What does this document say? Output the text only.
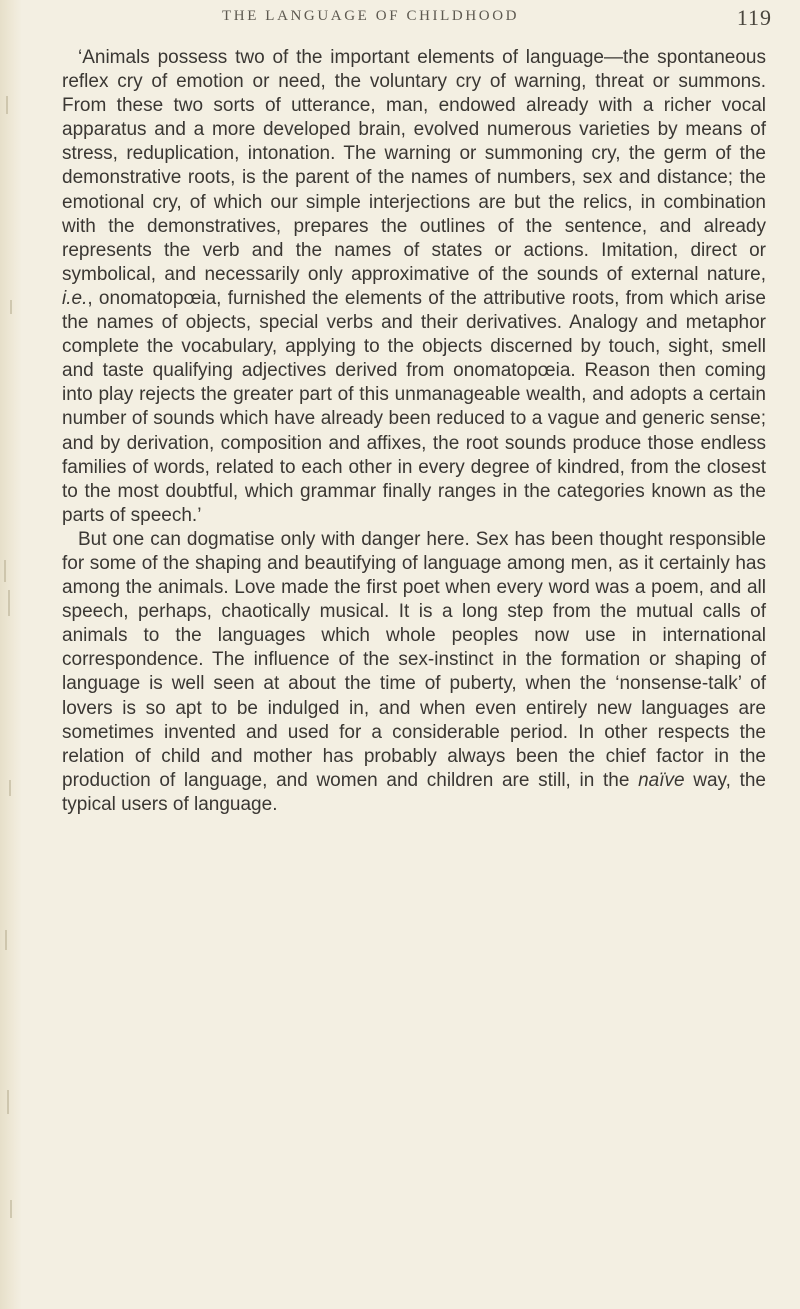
THE LANGUAGE OF CHILDHOOD	119

‘Animals possess two of the important elements of language—the spontaneous reflex cry of emotion or need, the voluntary cry of warning, threat or summons. From these two sorts of utterance, man, endowed already with a richer vocal apparatus and a more developed brain, evolved numerous varieties by means of stress, reduplication, intonation. The warning or summoning cry, the germ of the demonstrative roots, is the parent of the names of numbers, sex and distance; the emotional cry, of which our simple interjections are but the relics, in combination with the demonstratives, prepares the outlines of the sentence, and already represents the verb and the names of states or actions. Imitation, direct or symbolical, and necessarily only approximative of the sounds of external nature, i.e., onomatopœia, furnished the elements of the attributive roots, from which arise the names of objects, special verbs and their derivatives. Analogy and metaphor complete the vocabulary, applying to the objects discerned by touch, sight, smell and taste qualifying adjectives derived from onomatopœia. Reason then coming into play rejects the greater part of this unmanageable wealth, and adopts a certain number of sounds which have already been reduced to a vague and generic sense; and by derivation, composition and affixes, the root sounds produce those endless families of words, related to each other in every degree of kindred, from the closest to the most doubtful, which grammar finally ranges in the categories known as the parts of speech.’

But one can dogmatise only with danger here. Sex has been thought responsible for some of the shaping and beautifying of language among men, as it certainly has among the animals. Love made the first poet when every word was a poem, and all speech, perhaps, chaotically musical. It is a long step from the mutual calls of animals to the languages which whole peoples now use in international correspondence. The influence of the sex-instinct in the formation or shaping of language is well seen at about the time of puberty, when the ‘nonsense-talk’ of lovers is so apt to be indulged in, and when even entirely new languages are sometimes invented and used for a considerable period. In other respects the relation of child and mother has probably always been the chief factor in the production of language, and women and children are still, in the naïve way, the typical users of language.
